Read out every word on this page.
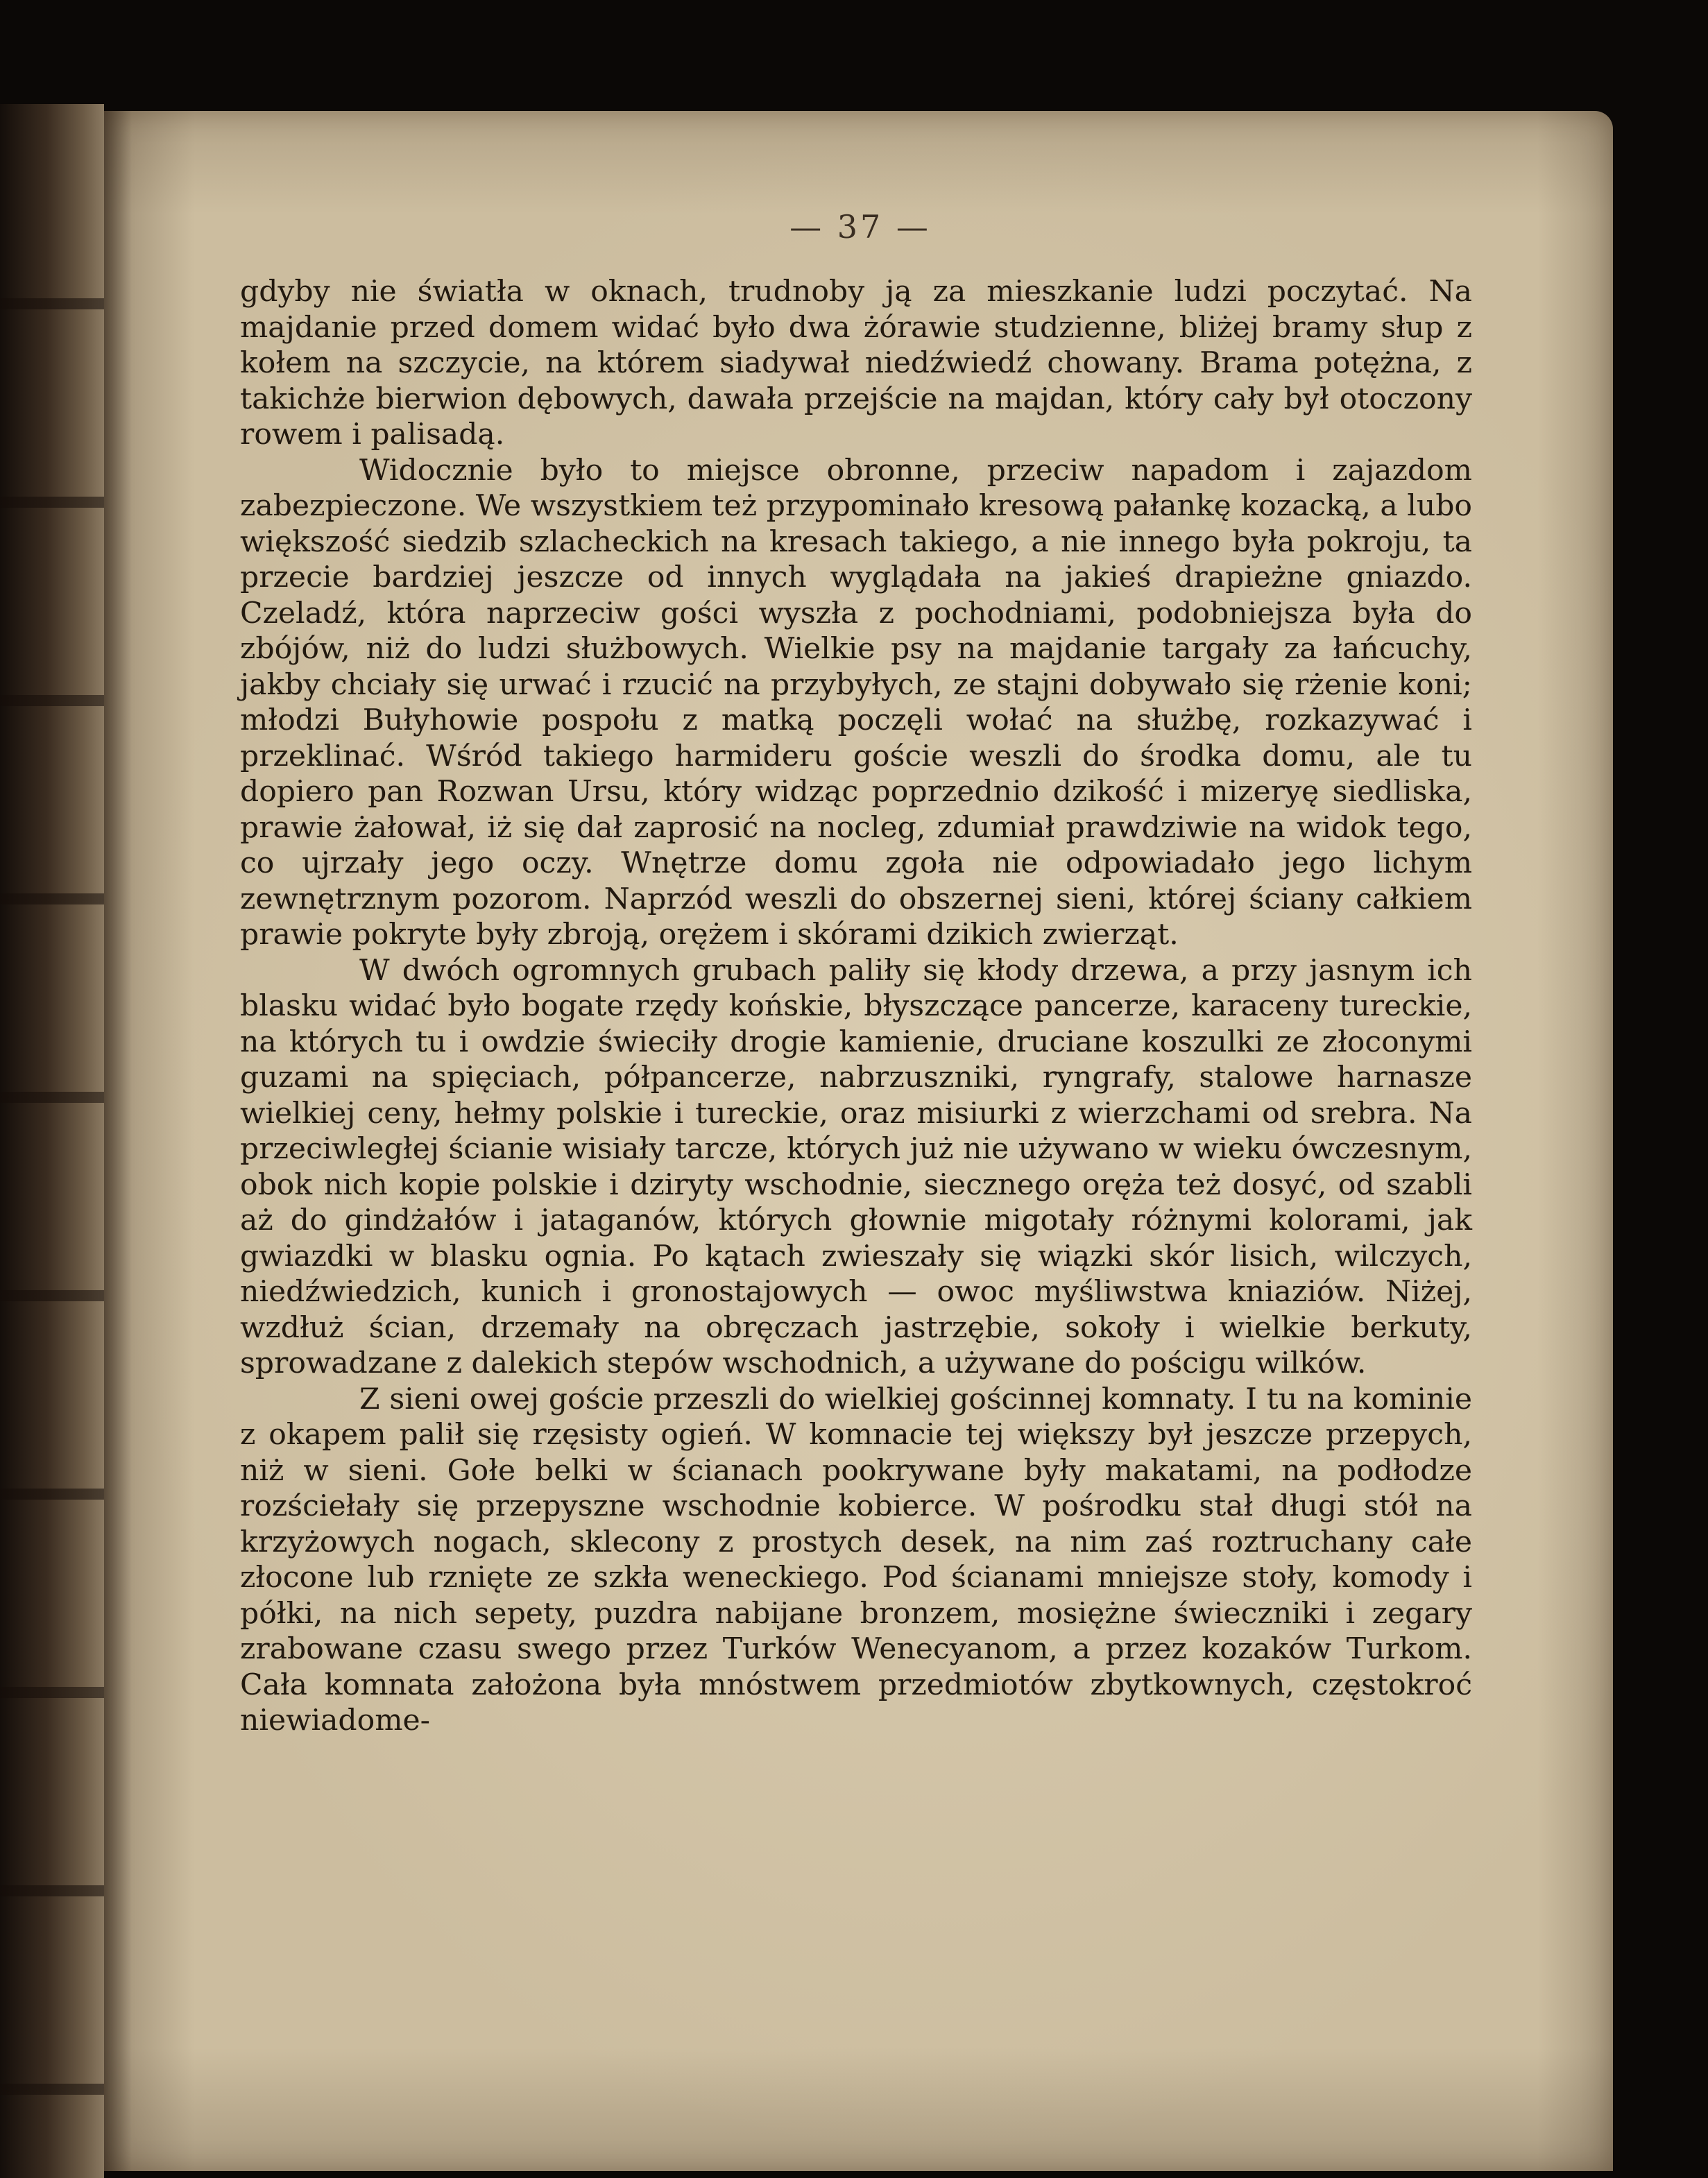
— 37 —

gdyby nie światła w oknach, trudnoby ją za mieszkanie ludzi poczytać. Na majdanie przed domem widać było dwa żórawie studzienne, bliżej bramy słup z kołem na szczycie, na którem siadywał niedźwiedź chowany. Brama potężna, z takichże bierwion dębowych, dawała przejście na majdan, który cały był otoczony rowem i palisadą.

Widocznie było to miejsce obronne, przeciw napadom i zajazdom zabezpieczone. We wszystkiem też przypominało kresową pałankę kozacką, a lubo większość siedzib szlacheckich na kresach takiego, a nie innego była pokroju, ta przecie bardziej jeszcze od innych wyglądała na jakieś drapieżne gniazdo. Czeladź, która naprzeciw gości wyszła z pochodniami, podobniejsza była do zbójów, niż do ludzi służbowych. Wielkie psy na majdanie targały za łańcuchy, jakby chciały się urwać i rzucić na przybyłych, ze stajni dobywało się rżenie koni; młodzi Bułyhowie pospołu z matką poczęli wołać na służbę, rozkazywać i przeklinać. Wśród takiego harmideru goście weszli do środka domu, ale tu dopiero pan Rozwan Ursu, który widząc poprzednio dzikość i mizeryę siedliska, prawie żałował, iż się dał zaprosić na nocleg, zdumiał prawdziwie na widok tego, co ujrzały jego oczy. Wnętrze domu zgoła nie odpowiadało jego lichym zewnętrznym pozorom. Naprzód weszli do obszernej sieni, której ściany całkiem prawie pokryte były zbroją, orężem i skórami dzikich zwierząt.

W dwóch ogromnych grubach paliły się kłody drzewa, a przy jasnym ich blasku widać było bogate rzędy końskie, błyszczące pancerze, karaceny tureckie, na których tu i owdzie świeciły drogie kamienie, druciane koszulki ze złoconymi guzami na spięciach, półpancerze, nabrzuszniki, ryngrafy, stalowe harnasze wielkiej ceny, hełmy polskie i tureckie, oraz misiurki z wierzchami od srebra. Na przeciwległej ścianie wisiały tarcze, których już nie używano w wieku ówczesnym, obok nich kopie polskie i dziryty wschodnie, siecznego oręża też dosyć, od szabli aż do gindżałów i jataganów, których głownie migotały różnymi kolorami, jak gwiazdki w blasku ognia. Po kątach zwieszały się wiązki skór lisich, wilczych, niedźwiedzich, kunich i gronostajowych — owoc myśliwstwa kniaziów. Niżej, wzdłuż ścian, drzemały na obręczach jastrzębie, sokoły i wielkie berkuty, sprowadzane z dalekich stepów wschodnich, a używane do pościgu wilków.

Z sieni owej goście przeszli do wielkiej gościnnej komnaty. I tu na kominie z okapem palił się rzęsisty ogień. W komnacie tej większy był jeszcze przepych, niż w sieni. Gołe belki w ścianach pookrywane były makatami, na podłodze rozściełały się przepyszne wschodnie kobierce. W pośrodku stał długi stół na krzyżowych nogach, sklecony z prostych desek, na nim zaś roztruchany całe złocone lub rznięte ze szkła weneckiego. Pod ścianami mniejsze stoły, komody i półki, na nich sepety, puzdra nabijane bronzem, mosiężne świeczniki i zegary zrabowane czasu swego przez Turków Wenecyanom, a przez kozaków Turkom. Cała komnata założona była mnóstwem przedmiotów zbytkownych, częstokroć niewiadome-
